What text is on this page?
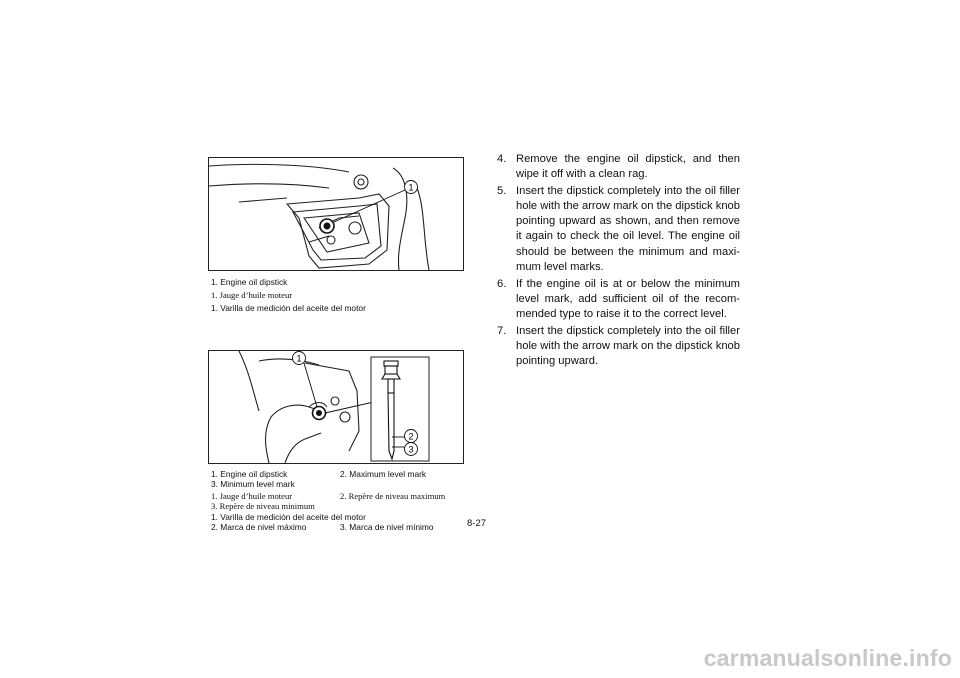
1
1. Engine oil dipstick
1. Jauge d’huile moteur
1. Varilla de medición del aceite del motor
1
2
3
1. Engine oil dipstick	2. Maximum level mark
3. Minimum level mark
1. Jauge d’huile moteur	2. Repère de niveau maximum
3. Repère de niveau minimum
1. Varilla de medición del aceite del motor
2. Marca de nivel máximo	3. Marca de nivel mínimo	8-27
4. Remove the engine oil dipstick, and then wipe it off with a clean rag.
5. Insert the dipstick completely into the oil filler hole with the arrow mark on the dipstick knob pointing upward as shown, and then remove it again to check the oil level. The engine oil should be between the minimum and maxi-mum level marks.
6. If the engine oil is at or below the minimum level mark, add sufficient oil of the recom-mended type to raise it to the correct level.
7. Insert the dipstick completely into the oil filler hole with the arrow mark on the dipstick knob pointing upward.
carmanualsonline.info
